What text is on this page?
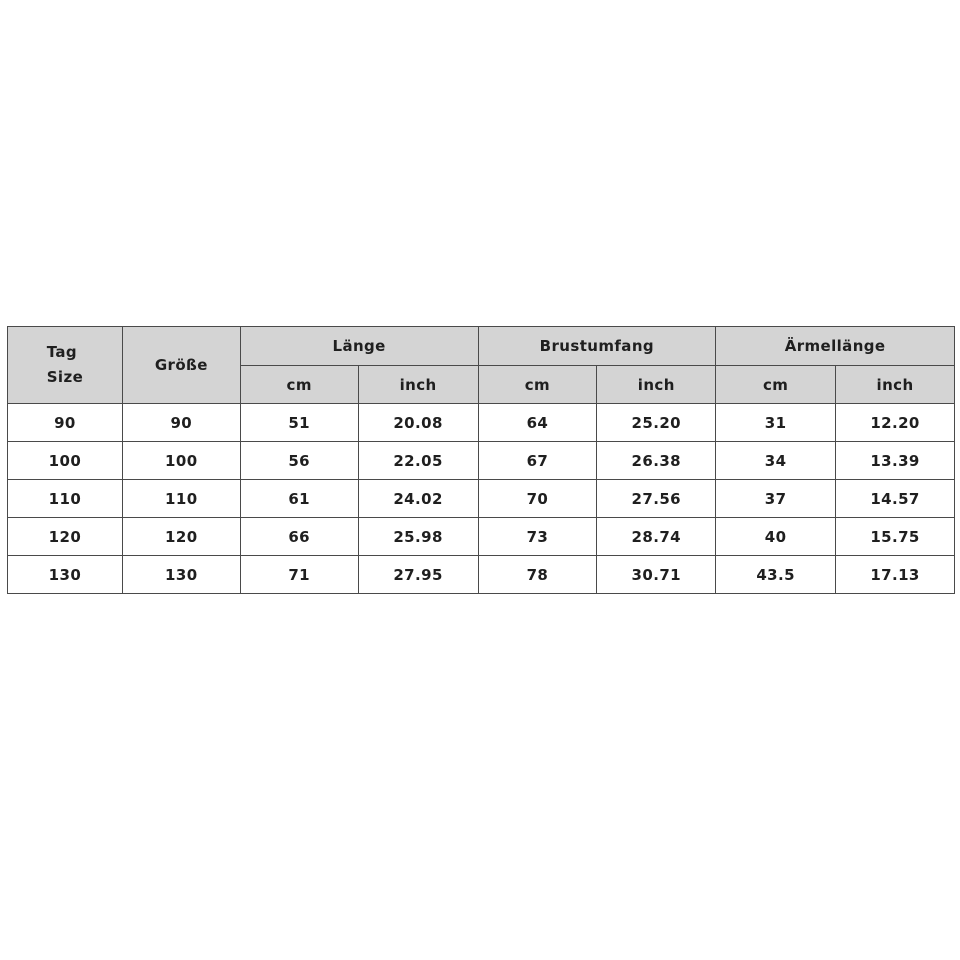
Tag
Size	Größe	Länge		Brustumfang		Ärmellänge	
		cm	inch	cm	inch	cm	inch
90	90	51	20.08	64	25.20	31	12.20
100	100	56	22.05	67	26.38	34	13.39
110	110	61	24.02	70	27.56	37	14.57
120	120	66	25.98	73	28.74	40	15.75
130	130	71	27.95	78	30.71	43.5	17.13
